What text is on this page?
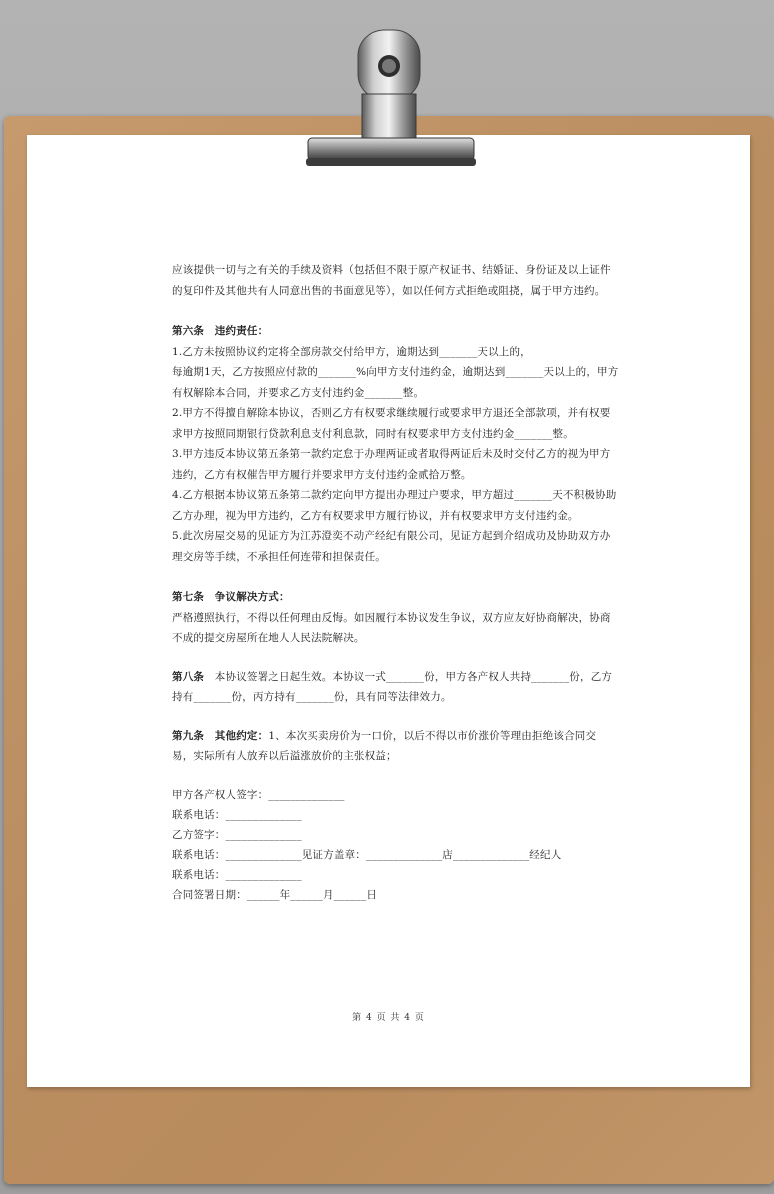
应该提供一切与之有关的手续及资料（包括但不限于原产权证书、结婚证、身份证及以上证件

的复印件及其他共有人同意出售的书面意见等），如以任何方式拒绝或阻挠，属于甲方违约。

第六条　违约责任：

1.乙方未按照协议约定将全部房款交付给甲方，逾期达到_______天以上的，

每逾期1天，乙方按照应付款的_______%向甲方支付违约金，逾期达到_______天以上的，甲方

有权解除本合同，并要求乙方支付违约金_______整。

2.甲方不得擅自解除本协议，否则乙方有权要求继续履行或要求甲方退还全部款项，并有权要

求甲方按照同期银行贷款利息支付利息款，同时有权要求甲方支付违约金_______整。

3.甲方违反本协议第五条第一款约定怠于办理两证或者取得两证后未及时交付乙方的视为甲方

违约，乙方有权催告甲方履行并要求甲方支付违约金贰拾万整。

4.乙方根据本协议第五条第二款约定向甲方提出办理过户要求，甲方超过_______天不积极协助

乙方办理，视为甲方违约，乙方有权要求甲方履行协议，并有权要求甲方支付违约金。

5.此次房屋交易的见证方为江苏澄奕不动产经纪有限公司，见证方起到介绍成功及协助双方办

理交房等手续，不承担任何连带和担保责任。

第七条　争议解决方式：

严格遵照执行，不得以任何理由反悔。如因履行本协议发生争议，双方应友好协商解决，协商

不成的提交房屋所在地人人民法院解决。

第八条　本协议签署之日起生效。本协议一式_______份，甲方各产权人共持_______份，乙方

持有_______份，丙方持有_______份，具有同等法律效力。

第九条　其他约定：1、本次买卖房价为一口价，以后不得以市价涨价等理由拒绝该合同交

易，实际所有人放弃以后溢涨放价的主张权益；

甲方各产权人签字：______________

联系电话：______________

乙方签字：______________

联系电话：______________见证方盖章：______________店______________经纪人

联系电话：______________

合同签署日期：______年______月______日

第 4 页 共 4 页
